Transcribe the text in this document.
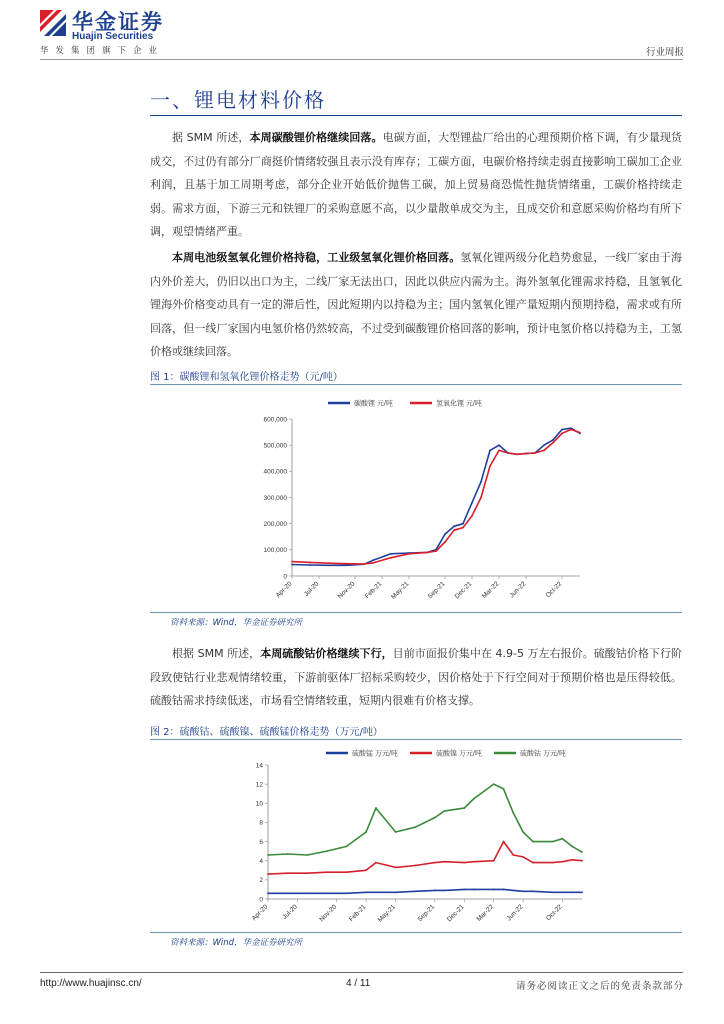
华金证券
Huajin Securities
华发集团旗下企业	行业周报
一、锂电材料价格
据 SMM 所述，本周碳酸锂价格继续回落。电碳方面，大型锂盐厂给出的心理预期价格下调，有少量现货成交，不过仍有部分厂商挺价情绪较强且表示没有库存；工碳方面，电碳价格持续走弱直接影响工碳加工企业利润，且基于加工周期考虑，部分企业开始低价抛售工碳，加上贸易商恐慌性抛货情绪重，工碳价格持续走弱。需求方面，下游三元和铁锂厂的采购意愿不高，以少量散单成交为主，且成交价和意愿采购价格均有所下调，观望情绪严重。
本周电池级氢氧化锂价格持稳，工业级氢氧化锂价格回落。氢氧化锂两级分化趋势愈显，一线厂家由于海内外价差大，仍旧以出口为主，二线厂家无法出口，因此以供应内需为主。海外氢氧化锂需求持稳，且氢氧化锂海外价格变动具有一定的滞后性，因此短期内以持稳为主；国内氢氧化锂产量短期内预期持稳，需求或有所回落，但一线厂家国内电氢价格仍然较高，不过受到碳酸锂价格回落的影响，预计电氢价格以持稳为主，工氢价格或继续回落。
图 1：碳酸锂和氢氧化锂价格走势（元/吨）
0
100,000
200,000
300,000
400,000
500,000
600,000
Apr-20 Jul-20 Nov-20 Feb-21 May-21 Sep-21 Dec-21 Mar-22 Jun-22	Oct-22
碳酸锂 元/吨	氢氧化锂 元/吨
资料来源：Wind，华金证券研究所
根据 SMM 所述，本周硫酸钴价格继续下行，目前市面报价集中在 4.9-5 万左右报价。硫酸钴价格下行阶段致使钴行业悲观情绪较重，下游前驱体厂招标采购较少，因价格处于下行空间对于预期价格也是压得较低。硫酸钴需求持续低迷，市场看空情绪较重，短期内很难有价格支撑。
图 2：硫酸钴、硫酸镍、硫酸锰价格走势（万元/吨）
0
2
4
6
8
10
12
14
Apr-20 Jul-20	Nov-20 Feb-21 May-21	Sep-21 Dec-21 Mar-22 Jun-22	Oct-22
硫酸锰 万元/吨	硫酸镍 万元/吨	硫酸钴 万元/吨
资料来源：Wind，华金证券研究所
http://www.huajinsc.cn/	4 / 11	请务必阅读正文之后的免责条款部分
